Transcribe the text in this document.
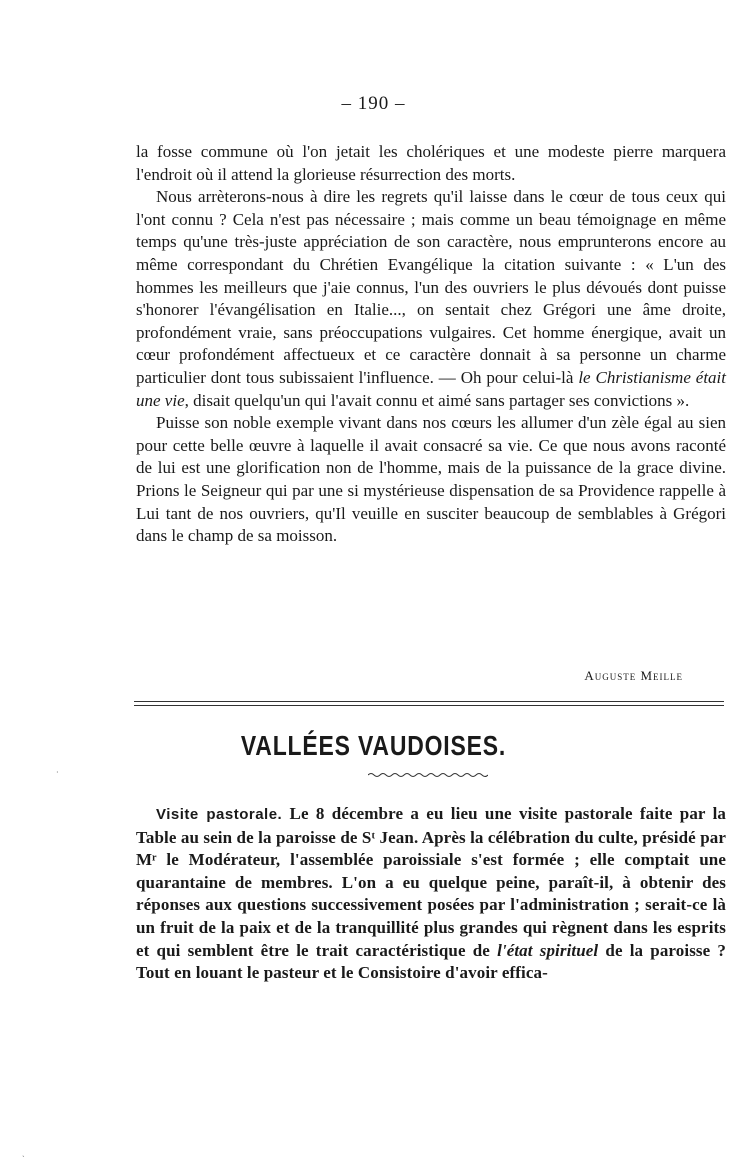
– 190 –

la fosse commune où l'on jetait les cholériques et une modeste pierre marquera l'endroit où il attend la glorieuse résurrection des morts.

Nous arrèterons-nous à dire les regrets qu'il laisse dans le cœur de tous ceux qui l'ont connu ? Cela n'est pas nécessaire ; mais comme un beau témoignage en même temps qu'une très-juste appréciation de son caractère, nous emprunterons encore au même correspondant du Chrétien Evangélique la citation suivante : « L'un des hommes les meilleurs que j'aie connus, l'un des ouvriers le plus dévoués dont puisse s'honorer l'évangélisation en Italie..., on sentait chez Grégori une âme droite, profondément vraie, sans préoccupations vulgaires. Cet homme énergique, avait un cœur profondément affectueux et ce caractère donnait à sa personne un charme particulier dont tous subissaient l'influence. — Oh pour celui-là le Christianisme était une vie, disait quelqu'un qui l'avait connu et aimé sans partager ses convictions ».

Puisse son noble exemple vivant dans nos cœurs les allumer d'un zèle égal au sien pour cette belle œuvre à laquelle il avait consacré sa vie. Ce que nous avons raconté de lui est une glorification non de l'homme, mais de la puissance de la grace divine. Prions le Seigneur qui par une si mystérieuse dispensation de sa Providence rappelle à Lui tant de nos ouvriers, qu'Il veuille en susciter beaucoup de semblables à Grégori dans le champ de sa moisson.

Auguste Meille
VALLÉES VAUDOISES.

Visite pastorale. Le 8 décembre a eu lieu une visite pastorale faite par la Table au sein de la paroisse de Sᵗ Jean. Après la célébration du culte, présidé par Mʳ le Modérateur, l'assemblée paroissiale s'est formée ; elle comptait une quarantaine de membres. L'on a eu quelque peine, paraît-il, à obtenir des réponses aux questions successivement posées par l'administration ; serait-ce là un fruit de la paix et de la tranquillité plus grandes qui règnent dans les esprits et qui semblent être le trait caractéristique de l'état spirituel de la paroisse ? Tout en louant le pasteur et le Consistoire d'avoir effica-

·
ˎ
